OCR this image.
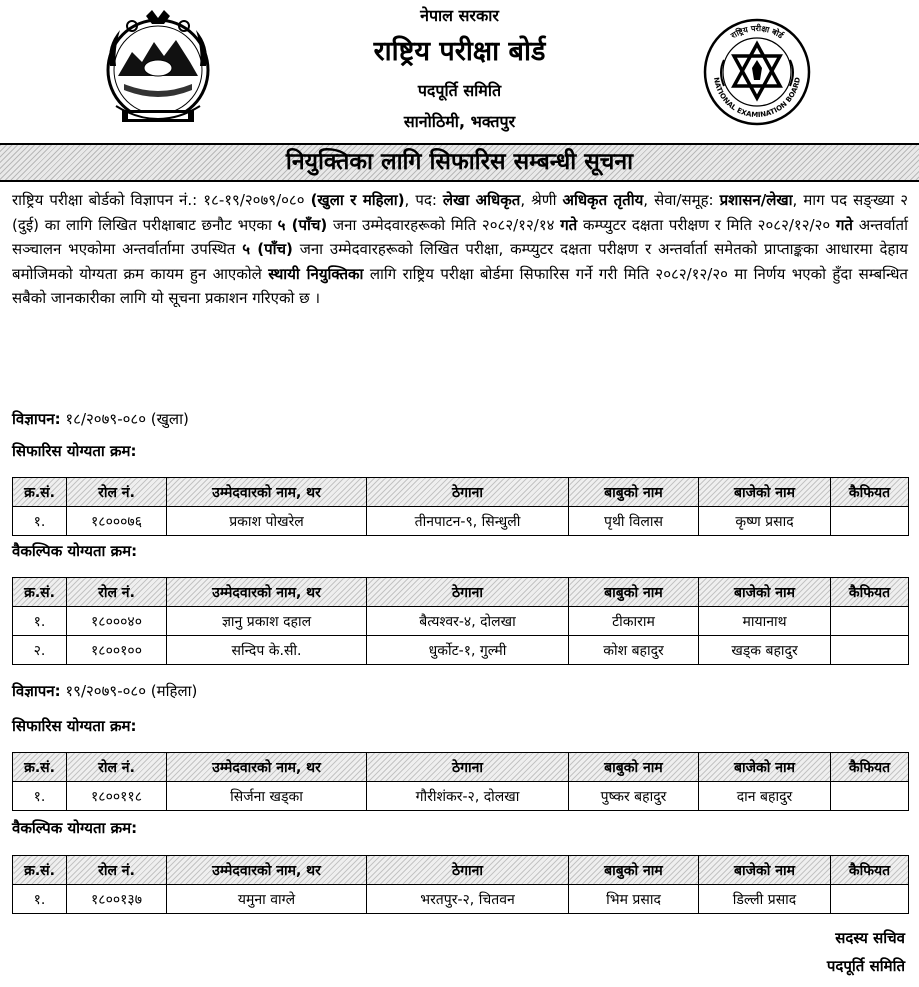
नेपाल सरकार
राष्ट्रिय परीक्षा बोर्ड
पदपूर्ति समिति
सानोठिमी, भक्तपुर
राष्ट्रिय परीक्षा बोर्ड
NATIONAL EXAMINATION BOARD
नियुक्तिका लागि सिफारिस सम्बन्धी सूचना
राष्ट्रिय परीक्षा बोर्डको विज्ञापन नं.: १८-१९/२०७९/०८० (खुला र महिला), पद: लेखा अधिकृत, श्रेणी अधिकृत तृतीय, सेवा/समूह: प्रशासन/लेखा, माग पद सङ्ख्या २ (दुई) का लागि लिखित परीक्षाबाट छनौट भएका ५ (पाँच) जना उम्मेदवारहरूको मिति २०८२/१२/१४ गते कम्प्युटर दक्षता परीक्षण र मिति २०८२/१२/२० गते अन्तर्वार्ता सञ्चालन भएकोमा अन्तर्वार्तामा उपस्थित ५ (पाँच) जना उम्मेदवारहरूको लिखित परीक्षा, कम्प्युटर दक्षता परीक्षण र अन्तर्वार्ता समेतको प्राप्ताङ्कका आधारमा देहाय बमोजिमको योग्यता क्रम कायम हुन आएकोले स्थायी नियुक्तिका लागि राष्ट्रिय परीक्षा बोर्डमा सिफारिस गर्ने गरी मिति २०८२/१२/२० मा निर्णय भएको हुँदा सम्बन्धित सबैको जानकारीका लागि यो सूचना प्रकाशन गरिएको छ ।
विज्ञापन: १८/२०७९-०८० (खुला)
सिफारिस योग्यता क्रम:
क्र.सं.	रोल नं.	उम्मेदवारको नाम, थर	ठेगाना	बाबुको नाम	बाजेको नाम	कैफियत
१.	१८०००७६	प्रकाश पोखरेल	तीनपाटन-९, सिन्धुली	पृथी विलास	कृष्ण प्रसाद	
वैकल्पिक योग्यता क्रम:
क्र.सं.	रोल नं.	उम्मेदवारको नाम, थर	ठेगाना	बाबुको नाम	बाजेको नाम	कैफियत
१.	१८०००४०	ज्ञानु प्रकाश दहाल	बैत्यश्वर-४, दोलखा	टीकाराम	मायानाथ	
२.	१८००१००	सन्दिप के.सी.	धुर्कोट-१, गुल्मी	कोश बहादुर	खड्क बहादुर	
विज्ञापन: १९/२०७९-०८० (महिला)
सिफारिस योग्यता क्रम:
क्र.सं.	रोल नं.	उम्मेदवारको नाम, थर	ठेगाना	बाबुको नाम	बाजेको नाम	कैफियत
१.	१८००११८	सिर्जना खड्का	गौरीशंकर-२, दोलखा	पुष्कर बहादुर	दान बहादुर	
वैकल्पिक योग्यता क्रम:
क्र.सं.	रोल नं.	उम्मेदवारको नाम, थर	ठेगाना	बाबुको नाम	बाजेको नाम	कैफियत
१.	१८००१३७	यमुना वाग्ले	भरतपुर-२, चितवन	भिम प्रसाद	डिल्ली प्रसाद	
सदस्य सचिव
पदपूर्ति समिति
